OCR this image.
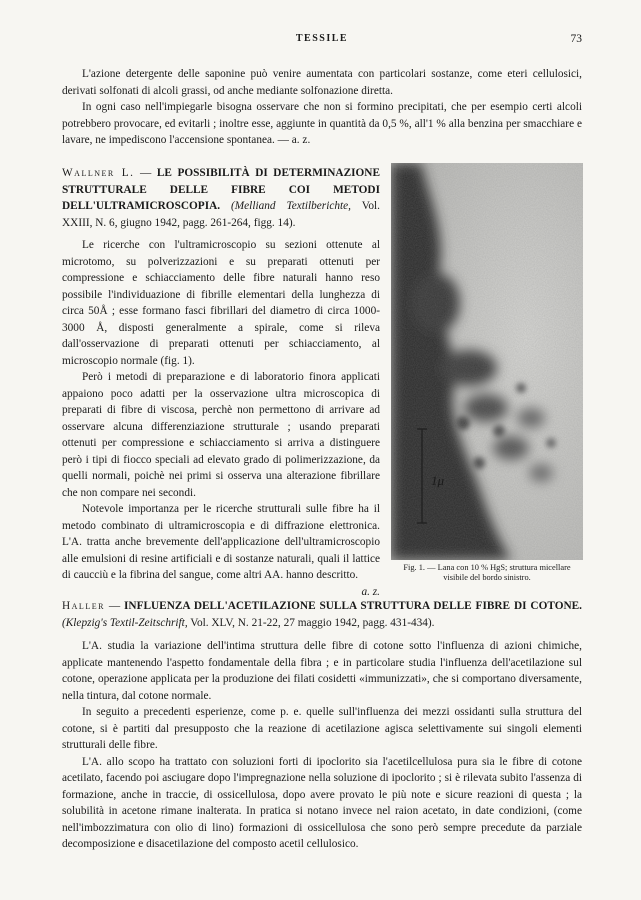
TESSILE	73

L'azione detergente delle saponine può venire aumentata con particolari sostanze, come eteri cellulosici, derivati solfonati di alcoli grassi, od anche mediante solfonazione diretta.

In ogni caso nell'impiegarle bisogna osservare che non si formino precipitati, che per esempio certi alcoli potrebbero provocare, ed evitarli ; inoltre esse, aggiunte in quantità da 0,5 %, all'1 % alla benzina per smacchiare e lavare, ne impediscono l'accensione spontanea. — a. z.

Wallner L. — LE POSSIBILITÀ DI DETERMINAZIONE STRUTTURALE DELLE FIBRE COI METODI DELL'ULTRAMICROSCOPIA. (Melliand Textilberichte, Vol. XXIII, N. 6, giugno 1942, pagg. 261-264, figg. 14).

Le ricerche con l'ultramicroscopio su sezioni ottenute al microtomo, su polverizzazioni e su preparati ottenuti per compressione e schiacciamento delle fibre naturali hanno reso possibile l'individuazione di fibrille elementari della lunghezza di circa 50Å ; esse formano fasci fibrillari del diametro di circa 1000-3000 Å, disposti generalmente a spirale, come si rileva dall'osservazione di preparati ottenuti per schiacciamento, al microscopio normale (fig. 1).

Però i metodi di preparazione e di laboratorio finora applicati appaiono poco adatti per la osservazione ultra microscopica di preparati di fibre di viscosa, perchè non permettono di arrivare ad osservare alcuna differenziazione strutturale ; usando preparati ottenuti per compressione e schiacciamento si arriva a distinguere però i tipi di fiocco speciali ad elevato grado di polimerizzazione, da quelli normali, poichè nei primi si osserva una alterazione fibrillare che non compare nei secondi.

Notevole importanza per le ricerche strutturali sulle fibre ha il metodo combinato di ultramicroscopia e di diffrazione elettronica. L'A. tratta anche brevemente dell'applicazione dell'ultramicroscopio alle emulsioni di resine artificiali e di sostanze naturali, quali il lattice di caucciù e la fibrina del sangue, come altri AA. hanno descritto.

a. z.

1μ
Fig. 1. — Lana con 10 % HgS; struttura micellare visibile del bordo sinistro.

Haller — INFLUENZA DELL'ACETILAZIONE SULLA STRUTTURA DELLE FIBRE DI COTONE. (Klepzig's Textil-Zeitschrift, Vol. XLV, N. 21-22, 27 maggio 1942, pagg. 431-434).

L'A. studia la variazione dell'intima struttura delle fibre di cotone sotto l'influenza di azioni chimiche, applicate mantenendo l'aspetto fondamentale della fibra ; e in particolare studia l'influenza dell'acetilazione sul cotone, operazione applicata per la produzione dei filati cosidetti «immunizzati», che si comportano diversamente, nella tintura, dal cotone normale.

In seguito a precedenti esperienze, come p. e. quelle sull'influenza dei mezzi ossidanti sulla struttura del cotone, si è partiti dal presupposto che la reazione di acetilazione agisca selettivamente sui singoli elementi strutturali delle fibre.

L'A. allo scopo ha trattato con soluzioni forti di ipoclorito sia l'acetilcellulosa pura sia le fibre di cotone acetilato, facendo poi asciugare dopo l'impregnazione nella soluzione di ipoclorito ; si è rilevata subito l'assenza di formazione, anche in traccie, di ossicellulosa, dopo avere provato le più note e sicure reazioni di questa ; la solubilità in acetone rimane inalterata. In pratica si notano invece nel raion acetato, in date condizioni, (come nell'imbozzimatura con olio di lino) formazioni di ossicellulosa che sono però sempre precedute da parziale decomposizione e disacetilazione del composto acetil cellulosico.
